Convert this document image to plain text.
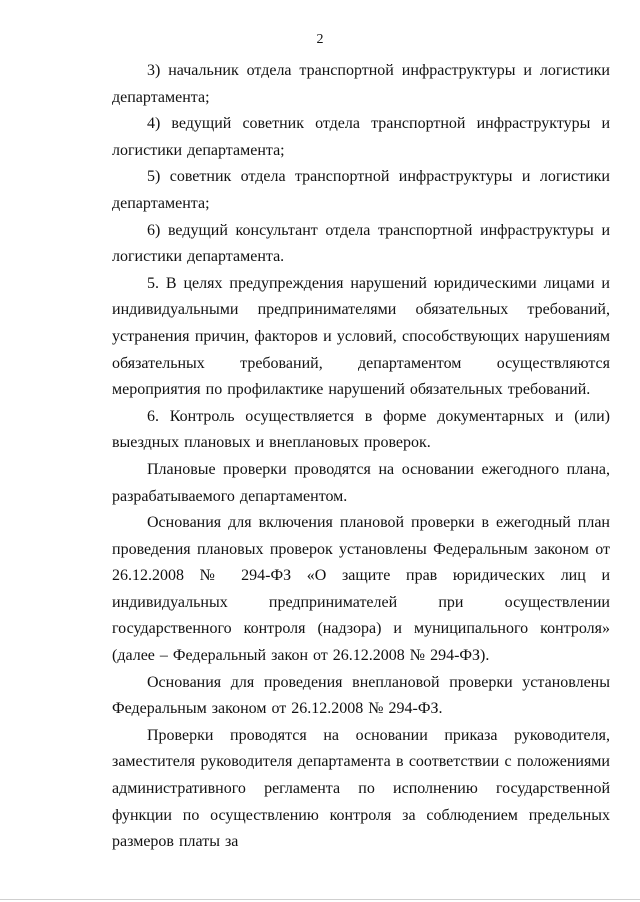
2

3) начальник отдела транспортной инфраструктуры и логистики департамента;

4) ведущий советник отдела транспортной инфраструктуры и логистики департамента;

5) советник отдела транспортной инфраструктуры и логистики департамента;

6) ведущий консультант отдела транспортной инфраструктуры и логистики департамента.

5. В целях предупреждения нарушений юридическими лицами и индивидуальными предпринимателями обязательных требований, устранения причин, факторов и условий, способствующих нарушениям обязательных требований, департаментом осуществляются мероприятия по профилактике нарушений обязательных требований.

6. Контроль осуществляется в форме документарных и (или) выездных плановых и внеплановых проверок.

Плановые проверки проводятся на основании ежегодного плана, разрабатываемого департаментом.

Основания для включения плановой проверки в ежегодный план проведения плановых проверок установлены Федеральным законом от 26.12.2008 № 294-ФЗ «О защите прав юридических лиц и индивидуальных предпринимателей при осуществлении государственного контроля (надзора) и муниципального контроля» (далее – Федеральный закон от 26.12.2008 № 294-ФЗ).

Основания для проведения внеплановой проверки установлены Федеральным законом от 26.12.2008 № 294-ФЗ.

Проверки проводятся на основании приказа руководителя, заместителя руководителя департамента в соответствии с положениями административного регламента по исполнению государственной функции по осуществлению контроля за соблюдением предельных размеров платы за
